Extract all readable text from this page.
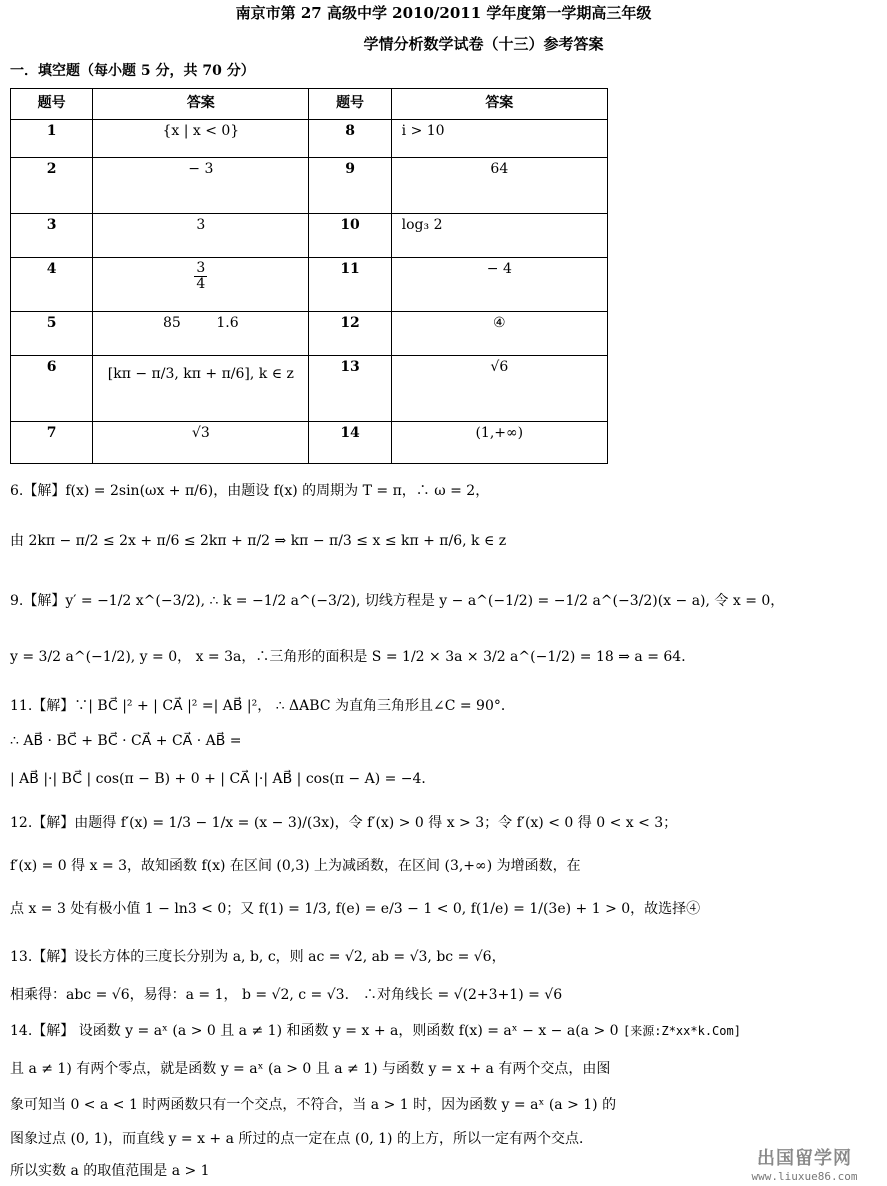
南京市第 27 高级中学 2010/2011 学年度第一学期高三年级
学情分析数学试卷（十三）参考答案
一．填空题（每小题 5 分，共 70 分）
题号	答案	题号	答案
1	{x | x < 0}	8	i > 10
2	− 3	9	64
3	3	10	log₃ 2
4	$\frac{3}{4}$	11	− 4
5	85        1.6	12	④
6	[kπ − π/3, kπ + π/6], k ∈ z	13	√6
7	√3	14	(1,+∞)
6.【解】f(x) = 2sin(ωx + π/6)，由题设 f(x) 的周期为 T = π，∴ ω = 2，
由 2kπ − π/2 ≤ 2x + π/6 ≤ 2kπ + π/2 ⇒ kπ − π/3 ≤ x ≤ kπ + π/6, k ∈ z
9.【解】y′ = −1/2 x^(−3/2), ∴ k = −1/2 a^(−3/2), 切线方程是 y − a^(−1/2) = −1/2 a^(−3/2)(x − a), 令 x = 0，
y = 3/2 a^(−1/2), y = 0， x = 3a，∴三角形的面积是 S = 1/2 × 3a × 3/2 a^(−1/2) = 18 ⇒ a = 64．
11.【解】∵| BC⃗ |² + | CA⃗ |² =| AB⃗ |²， ∴ ΔABC 为直角三角形且∠C = 90°．
∴ AB⃗ · BC⃗ + BC⃗ · CA⃗ + CA⃗ · AB⃗ =
| AB⃗ |·| BC⃗ | cos(π − B) + 0 + | CA⃗ |·| AB⃗ | cos(π − A) = −4．
12.【解】由题得 f′(x) = 1/3 − 1/x = (x − 3)/(3x)，令 f′(x) > 0 得 x > 3；令 f′(x) < 0 得 0 < x < 3；
f′(x) = 0 得 x = 3，故知函数 f(x) 在区间 (0,3) 上为减函数，在区间 (3,+∞) 为增函数，在
点 x = 3 处有极小值 1 − ln3 < 0；又 f(1) = 1/3, f(e) = e/3 − 1 < 0, f(1/e) = 1/(3e) + 1 > 0，故选择④
13.【解】设长方体的三度长分别为 a, b, c，则 ac = √2, ab = √3, bc = √6，
相乘得：abc = √6，易得：a = 1， b = √2, c = √3． ∴对角线长 = √(2+3+1) = √6
14.【解】 设函数 y = aˣ (a > 0 且 a ≠ 1) 和函数 y = x + a，则函数 f(x) = aˣ − x − a(a > 0 [来源:Z*xx*k.Com]
且 a ≠ 1) 有两个零点，就是函数 y = aˣ (a > 0 且 a ≠ 1) 与函数 y = x + a 有两个交点，由图
象可知当 0 < a < 1 时两函数只有一个交点，不符合，当 a > 1 时，因为函数 y = aˣ (a > 1) 的
图象过点 (0, 1)，而直线 y = x + a 所过的点一定在点 (0, 1) 的上方，所以一定有两个交点．
所以实数 a 的取值范围是 a > 1
出国留学网
www.liuxue86.com
